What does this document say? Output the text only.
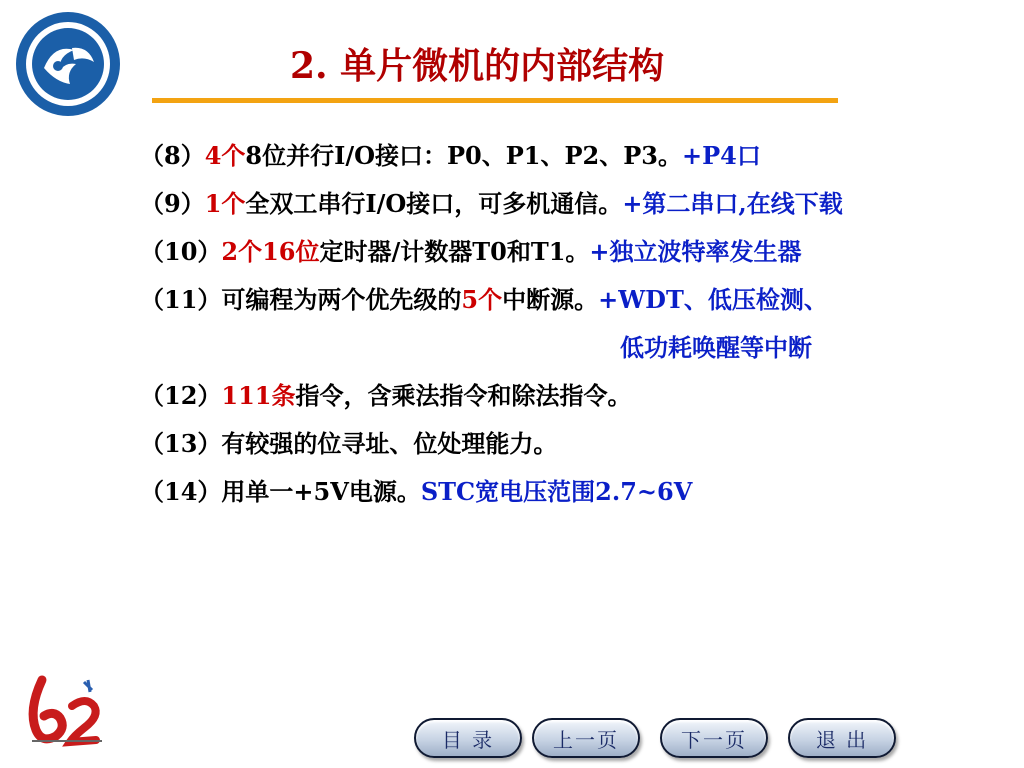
2. 单片微机的内部结构
（8）4个8位并行I/O接口：P0、P1、P2、P3。+P4口
（9）1个全双工串行I/O接口，可多机通信。+第二串口,在线下载
（10）2个16位定时器/计数器T0和T1。+独立波特率发生器
（11）可编程为两个优先级的5个中断源。+WDT、低压检测、
低功耗唤醒等中断
（12）111条指令，含乘法指令和除法指令。
（13）有较强的位寻址、位处理能力。
（14）用单一+5V电源。STC宽电压范围2.7~6V
目 录	上一页	下一页	退 出
